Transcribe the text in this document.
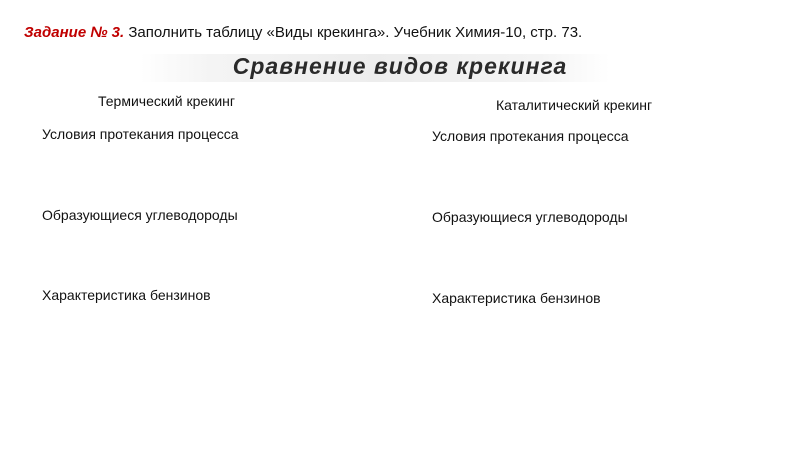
Задание № 3. Заполнить таблицу «Виды крекинга». Учебник Химия-10, стр. 73.
Сравнение видов крекинга
Термический крекинг	Каталитический крекинг
Условия протекания процесса
Образующиеся углеводороды
Характеристика бензинов
Условия протекания процесса
Образующиеся углеводороды
Характеристика бензинов
